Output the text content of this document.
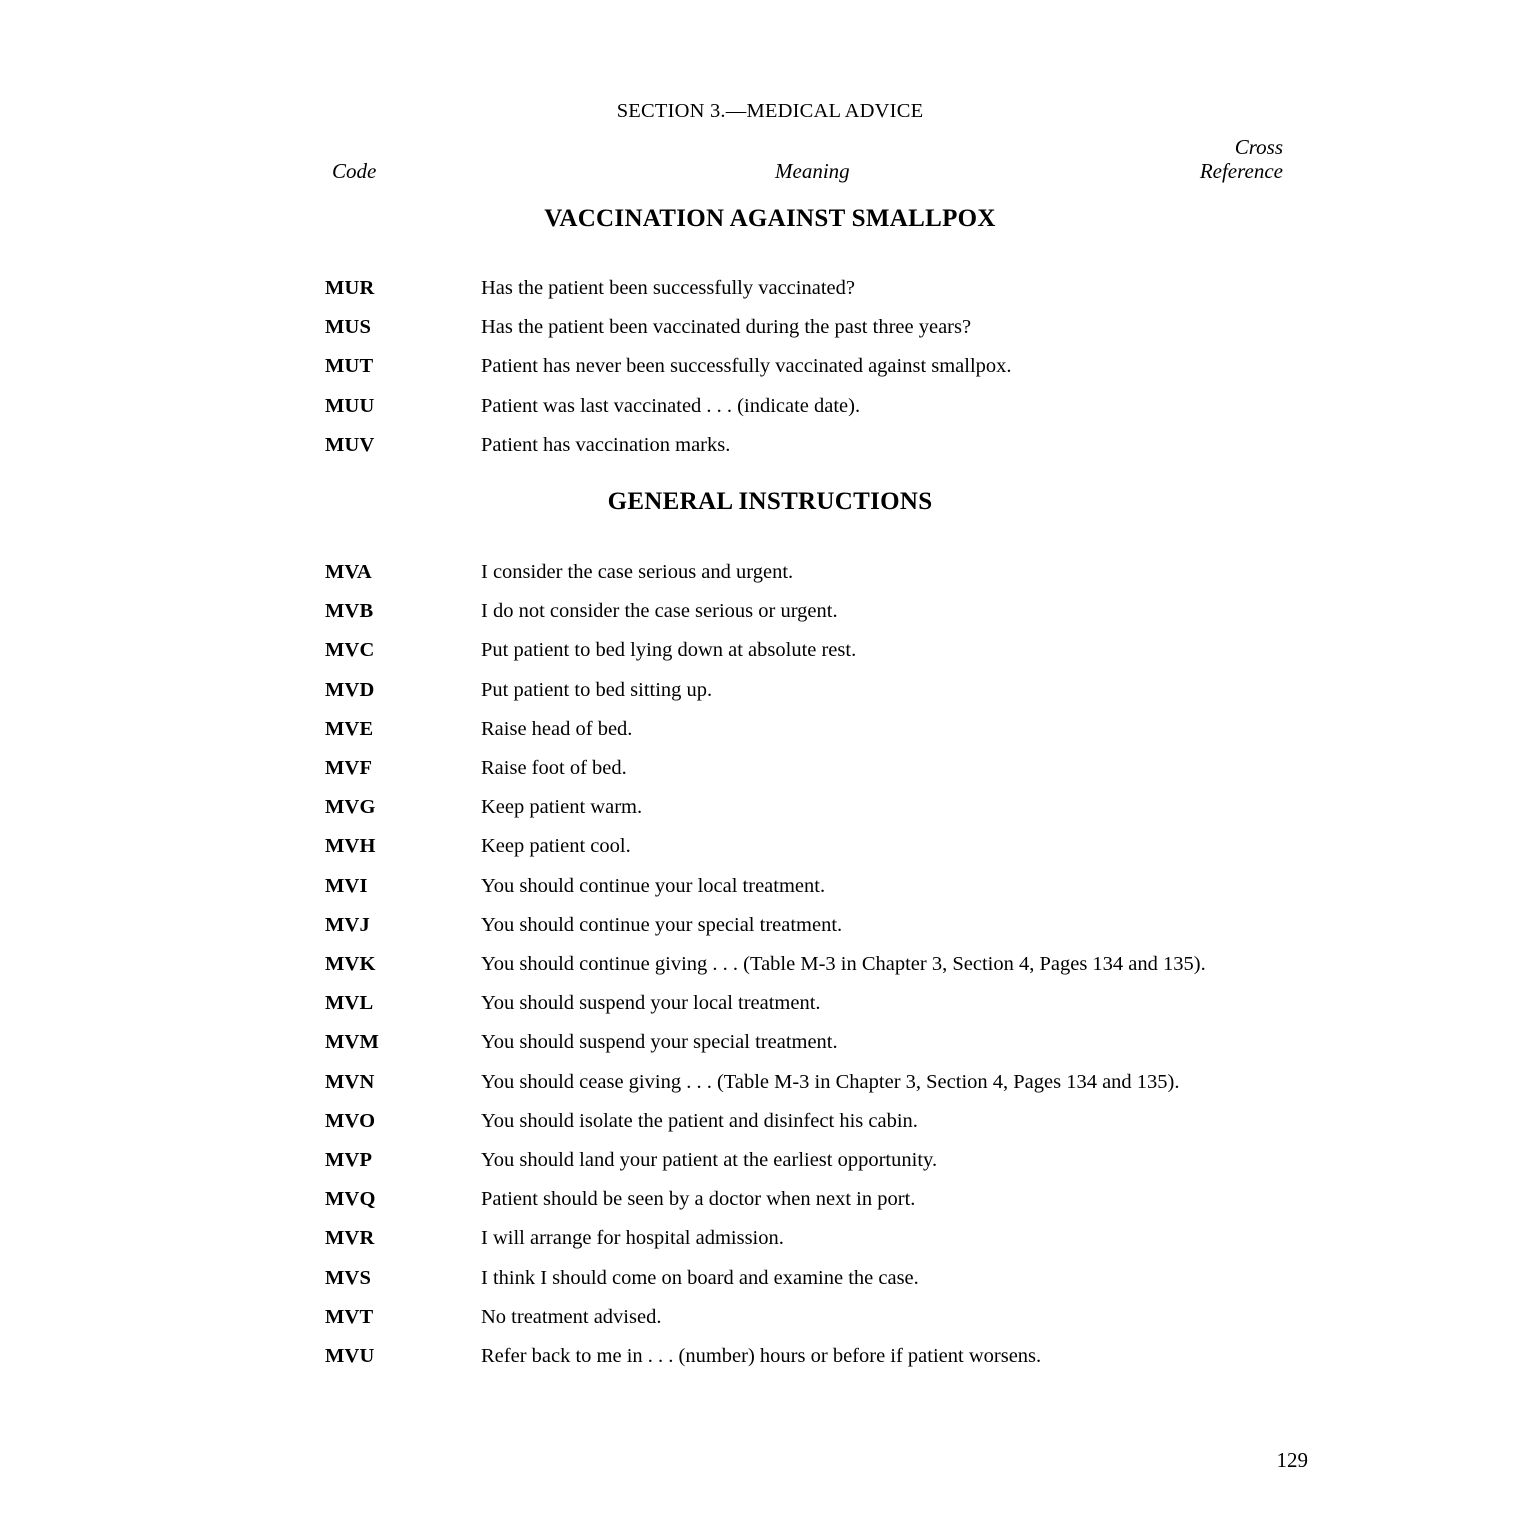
SECTION 3.—MEDICAL ADVICE
Code	Meaning
Cross
Reference
VACCINATION AGAINST SMALLPOX
MUR	Has the patient been successfully vaccinated?
MUS	Has the patient been vaccinated during the past three years?
MUT	Patient has never been successfully vaccinated against smallpox.
MUU	Patient was last vaccinated . . . (indicate date).
MUV	Patient has vaccination marks.
GENERAL INSTRUCTIONS
MVA	I consider the case serious and urgent.
MVB	I do not consider the case serious or urgent.
MVC	Put patient to bed lying down at absolute rest.
MVD	Put patient to bed sitting up.
MVE	Raise head of bed.
MVF	Raise foot of bed.
MVG	Keep patient warm.
MVH	Keep patient cool.
MVI	You should continue your local treatment.
MVJ	You should continue your special treatment.
MVK	You should continue giving . . . (Table M-3 in Chapter 3, Section 4, Pages 134 and 135).
MVL	You should suspend your local treatment.
MVM	You should suspend your special treatment.
MVN	You should cease giving . . . (Table M-3 in Chapter 3, Section 4, Pages 134 and 135).
MVO	You should isolate the patient and disinfect his cabin.
MVP	You should land your patient at the earliest opportunity.
MVQ	Patient should be seen by a doctor when next in port.
MVR	I will arrange for hospital admission.
MVS	I think I should come on board and examine the case.
MVT	No treatment advised.
MVU	Refer back to me in . . . (number) hours or before if patient worsens.
129
